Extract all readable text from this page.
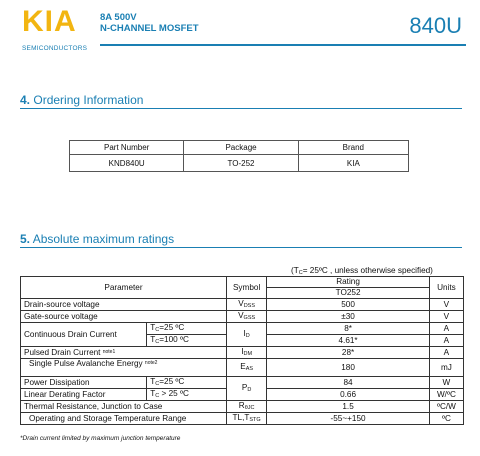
KIA
SEMICONDUCTORS
8A 500V
N-CHANNEL MOSFET	840U
4. Ordering Information
Part Number	Package	Brand
KND840U	TO-252	KIA
5. Absolute maximum ratings
($T_C=$ 25ºC , unless otherwise specified)
Parameter		Symbol	Rating	Units
			TO252	
Drain-source voltage		$V_{DSS}$	500	V
Gate-source voltage		$V_{GSS}$	±30	V
Continuous Drain Current	$T_C=25$ ºC	$I_D$	8*	A
	$T_C=100$ ºC		4.61*	A
Pulsed Drain Current $^{note1}$		$I_{DM}$	28*	A
Single Pulse Avalanche Energy $^{note2}$		$E_{AS}$	180	mJ
Power Dissipation	$T_C=25$ ºC	$P_D$	84	W
Linear Derating Factor	$T_C > 25$ ºC		0.66	W/ºC
Thermal Resistance, Junction to Case		$R_{\theta JC}$	1.5	ºC/W
Operating and Storage Temperature Range		$TL,T_{STG}$	-55~+150	ºC
*Drain current limited by maximum junction temperature
